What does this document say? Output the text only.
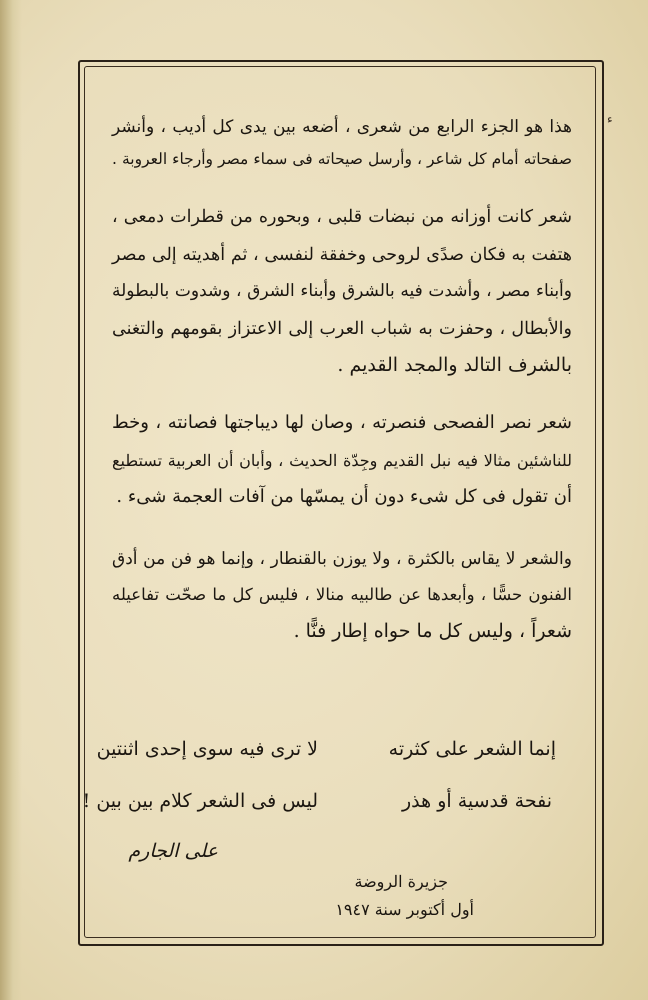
ء
هذا هو الجزء الرابع من شعرى ، أضعه بين يدى كل أديب ، وأنشر
صفحاته أمام كل شاعر ، وأرسل صيحاته فى سماء مصر وأرجاء العروبة .
شعر كانت أوزانه من نبضات قلبى ، وبحوره من قطرات دمعى ،
هتفت به فكان صدًى لروحى وخفقة لنفسى ، ثم أهديته إلى مصر
وأبناء مصر ، وأشدت فيه بالشرق وأبناء الشرق ، وشدوت بالبطولة
والأبطال ، وحفزت به شباب العرب إلى الاعتزاز بقومهم والتغنى
بالشرف التالد والمجد القديم .
شعر نصر الفصحى فنصرته ، وصان لها ديباجتها فصانته ، وخط
للناشئين مثالا فيه نبل القديم وجِدّة الحديث ، وأبان أن العربية تستطيع
أن تقول فى كل شىء دون أن يمسّها من آفات العجمة شىء .
والشعر لا يقاس بالكثرة ، ولا يوزن بالقنطار ، وإنما هو فن من أدق
الفنون حسًّا ، وأبعدها عن طالبيه منالا ، فليس كل ما صحّت تفاعيله
شعراً ، وليس كل ما حواه إطار فنًّا .
إنما الشعر على كثرته
لا ترى فيه سوى إحدى اثنتين
نفحة قدسية أو هذر
ليس فى الشعر كلام بين بين !
على الجارم
جزيرة الروضة
أول أكتوبر سنة ١٩٤٧
